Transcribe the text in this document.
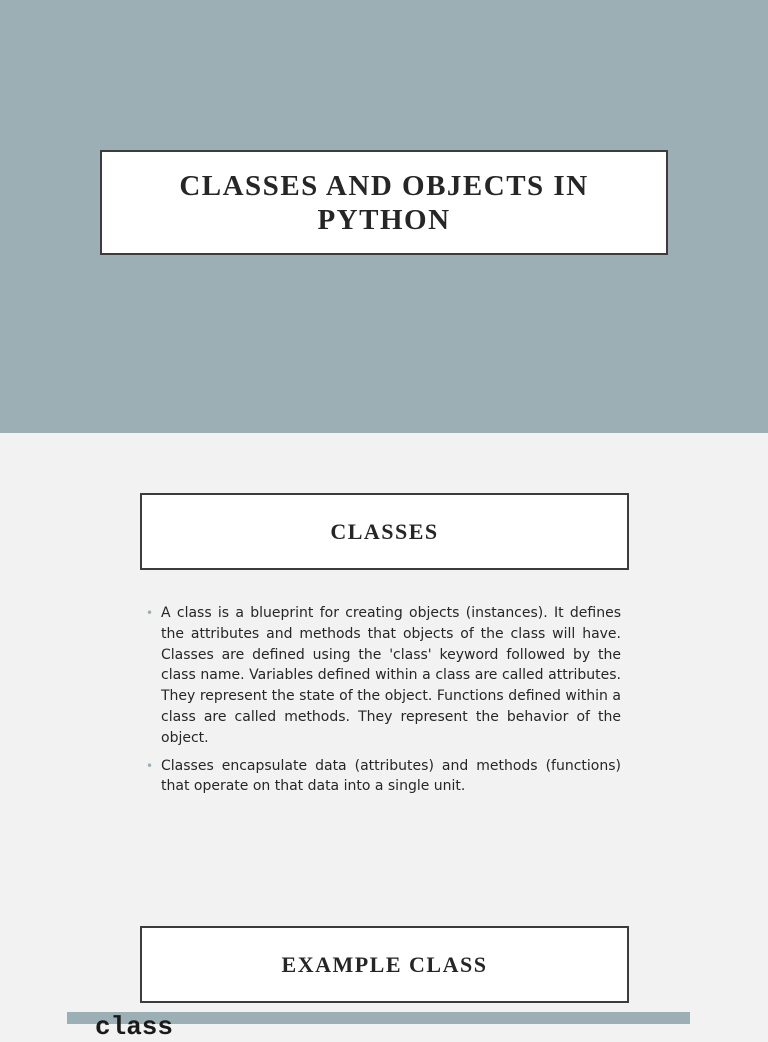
CLASSES AND OBJECTS IN PYTHON
CLASSES
• A class is a blueprint for creating objects (instances). It defines the attributes and methods that objects of the class will have. Classes are defined using the 'class' keyword followed by the class name. Variables defined within a class are called attributes. They represent the state of the object. Functions defined within a class are called methods. They represent the behavior of the object.
• Classes encapsulate data (attributes) and methods (functions) that operate on that data into a single unit.
EXAMPLE CLASS
class
